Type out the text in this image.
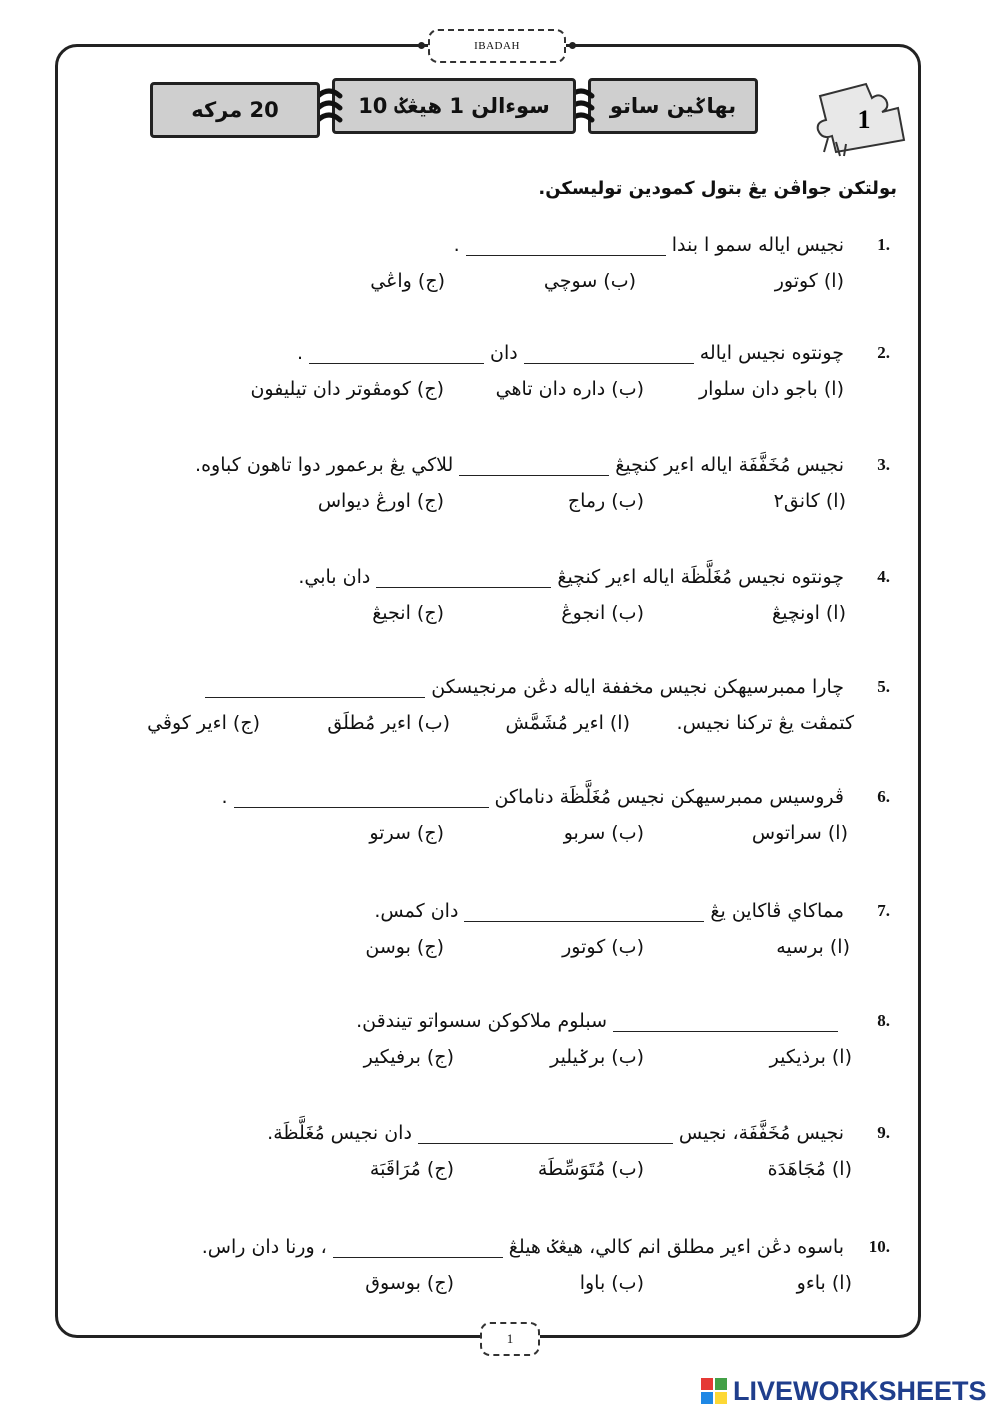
IBADAH
1
بهاݢين ساتو
سوءالن 1 هيڠݢ 10
20 مرکه
بولتكن جواڤن يڠ بتول كمودين توليسكن.
1.
نجيس اياله سمو ا بندا
.
(ا) كوتور
(ب) سوچي
(ج) واڠي
2.
چونتوه نجيس اياله
دان
.
(ا) باجو دان سلوار
(ب) داره دان تاهي
(ج) كومڤوتر دان تيليفون
3.
نجيس مُخَفَّفَة اياله اءير كنچيڠ
للاكي يڠ برعمور دوا تاهون كباوه.
(ا) كانق٢
(ب) رماج
(ج) اورڠ ديواس
4.
چونتوه نجيس مُغَلَّظَة اياله اءير كنچيڠ
دان بابي.
(ا) اونچيڠ
(ب) انجوڠ
(ج) انجيڠ
5.
چارا ممبرسيهكن نجيس مخففة اياله دڠن مرنجيسكن
كتمڤت يڠ تركنا نجيس.
(ا) اءير مُشَمَّش
(ب) اءير مُطلَق
(ج) اءير كوڤي
6.
ڤروسيس ممبرسيهكن نجيس مُغَلَّظَة دناماكن
.
(ا) سراتوس
(ب) سربو
(ج) سرتو
7.
مماكاي ڤاكاين يڠ
دان كمس.
(ا) برسيه
(ب) كوتور
(ج) بوسن
8.
سبلوم ملاكوكن سسواتو تيندقن.
(ا) برذيكير
(ب) برݢيلير
(ج) برفيكير
9.
نجيس مُخَفَّفَة، نجيس
دان نجيس مُغَلَّظَة.
(ا) مُجَاهَدَة
(ب) مُتَوَسِّطَة
(ج) مُرَاقَبَة
10.
باسوه دڠن اءير مطلق انم كالي، هيڠݢ هيلڠ
، ورنا دان راس.
(ا) باءو
(ب) باوا
(ج) بوسوق
1
LIVEWORKSHEETS
